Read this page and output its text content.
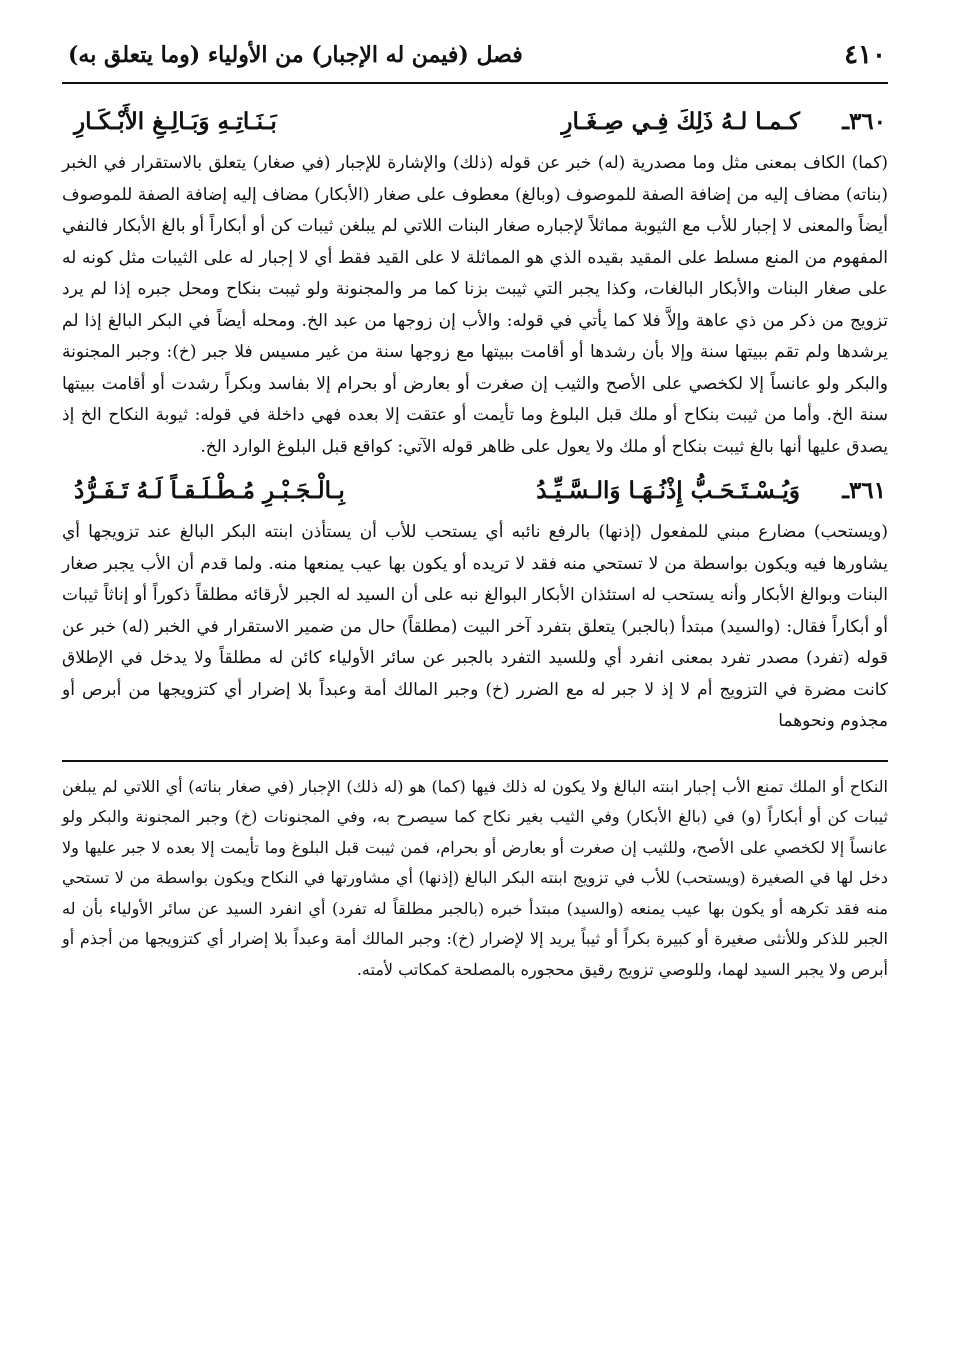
٤١٠
فصل (فيمن له الإجبار) من الأولياء (وما يتعلق به)
٣٦٠ـ
كـمـا لـهُ ذَلِكَ فِـي صِـغَـارِ
بَـنَـاتِـهِ وَبَـالِـغِ الأَبْـكَـارِ

(كما) الكاف بمعنى مثل وما مصدرية (له) خبر عن قوله (ذلك) والإشارة للإجبار (في صغار) يتعلق بالاستقرار في الخبر (بناته) مضاف إليه من إضافة الصفة للموصوف (وبالغ) معطوف على صغار (الأبكار) مضاف إليه إضافة الصفة للموصوف أيضاً والمعنى لا إجبار للأب مع الثيوبة مماثلاً لإجباره صغار البنات اللاتي لم يبلغن ثيبات كن أو أبكاراً أو بالغ الأبكار فالنفي المفهوم من المنع مسلط على المقيد بقيده الذي هو المماثلة لا على القيد فقط أي لا إجبار له على الثيبات مثل كونه له على صغار البنات والأبكار البالغات، وكذا يجبر التي ثيبت بزنا كما مر والمجنونة ولو ثيبت بنكاح ومحل جبره إذا لم يرد تزويج من ذكر من ذي عاهة وإلاَّ فلا كما يأتي في قوله: والأب إن زوجها من عبد الخ. ومحله أيضاً في البكر البالغ إذا لم يرشدها ولم تقم ببيتها سنة وإلا بأن رشدها أو أقامت ببيتها مع زوجها سنة من غير مسيس فلا جبر (خ): وجبر المجنونة والبكر ولو عانساً إلا لكخصي على الأصح والثيب إن صغرت أو بعارض أو بحرام إلا بفاسد وبكراً رشدت أو أقامت ببيتها سنة الخ. وأما من ثيبت بنكاح أو ملك قبل البلوغ وما تأيمت أو عتقت إلا بعده فهي داخلة في قوله: ثيوبة النكاح الخ إذ يصدق عليها أنها بالغ ثيبت بنكاح أو ملك ولا يعول على ظاهر قوله الآتي: كواقع قبل البلوغ الوارد الخ.

٣٦١ـ
وَيُـسْـتَـحَـبُّ إِذْنُـهَـا وَالـسَّـيِّـدُ
بِـالْـجَـبْـرِ مُـطْـلَـقـاً لَـهُ تَـفَـرُّدُ

(ويستحب) مضارع مبني للمفعول (إذنها) بالرفع نائبه أي يستحب للأب أن يستأذن ابنته البكر البالغ عند تزويجها أي يشاورها فيه ويكون بواسطة من لا تستحي منه فقد لا تريده أو يكون بها عيب يمنعها منه. ولما قدم أن الأب يجبر صغار البنات وبوالغ الأبكار وأنه يستحب له استئذان الأبكار البوالغ نبه على أن السيد له الجبر لأرقائه مطلقاً ذكوراً أو إناثاً ثيبات أو أبكاراً فقال: (والسيد) مبتدأ (بالجبر) يتعلق بتفرد آخر البيت (مطلقاً) حال من ضمير الاستقرار في الخبر (له) خبر عن قوله (تفرد) مصدر تفرد بمعنى انفرد أي وللسيد التفرد بالجبر عن سائر الأولياء كائن له مطلقاً ولا يدخل في الإطلاق كانت مضرة في التزويج أم لا إذ لا جبر له مع الضرر (خ) وجبر المالك أمة وعبداً بلا إضرار أي كتزويجها من أبرص أو مجذوم ونحوهما

النكاح أو الملك تمنع الأب إجبار ابنته البالغ ولا يكون له ذلك فيها (كما) هو (له ذلك) الإجبار (في صغار بناته) أي اللاتي لم يبلغن ثيبات كن أو أبكاراً (و) في (بالغ الأبكار) وفي الثيب بغير نكاح كما سيصرح به، وفي المجنونات (خ) وجبر المجنونة والبكر ولو عانساً إلا لكخصي على الأصح، وللثيب إن صغرت أو بعارض أو بحرام، فمن ثيبت قبل البلوغ وما تأيمت إلا بعده لا جبر عليها ولا دخل لها في الصغيرة (ويستحب) للأب في تزويج ابنته البكر البالغ (إذنها) أي مشاورتها في النكاح ويكون بواسطة من لا تستحي منه فقد تكرهه أو يكون بها عيب يمنعه (والسيد) مبتدأ خبره (بالجبر مطلقاً له تفرد) أي انفرد السيد عن سائر الأولياء بأن له الجبر للذكر وللأنثى صغيرة أو كبيرة بكراً أو ثيباً يريد إلا لإضرار (خ): وجبر المالك أمة وعبداً بلا إضرار أي كتزويجها من أجذم أو أبرص ولا يجبر السيد لهما، وللوصي تزويج رقيق محجوره بالمصلحة كمكاتب لأمته.
